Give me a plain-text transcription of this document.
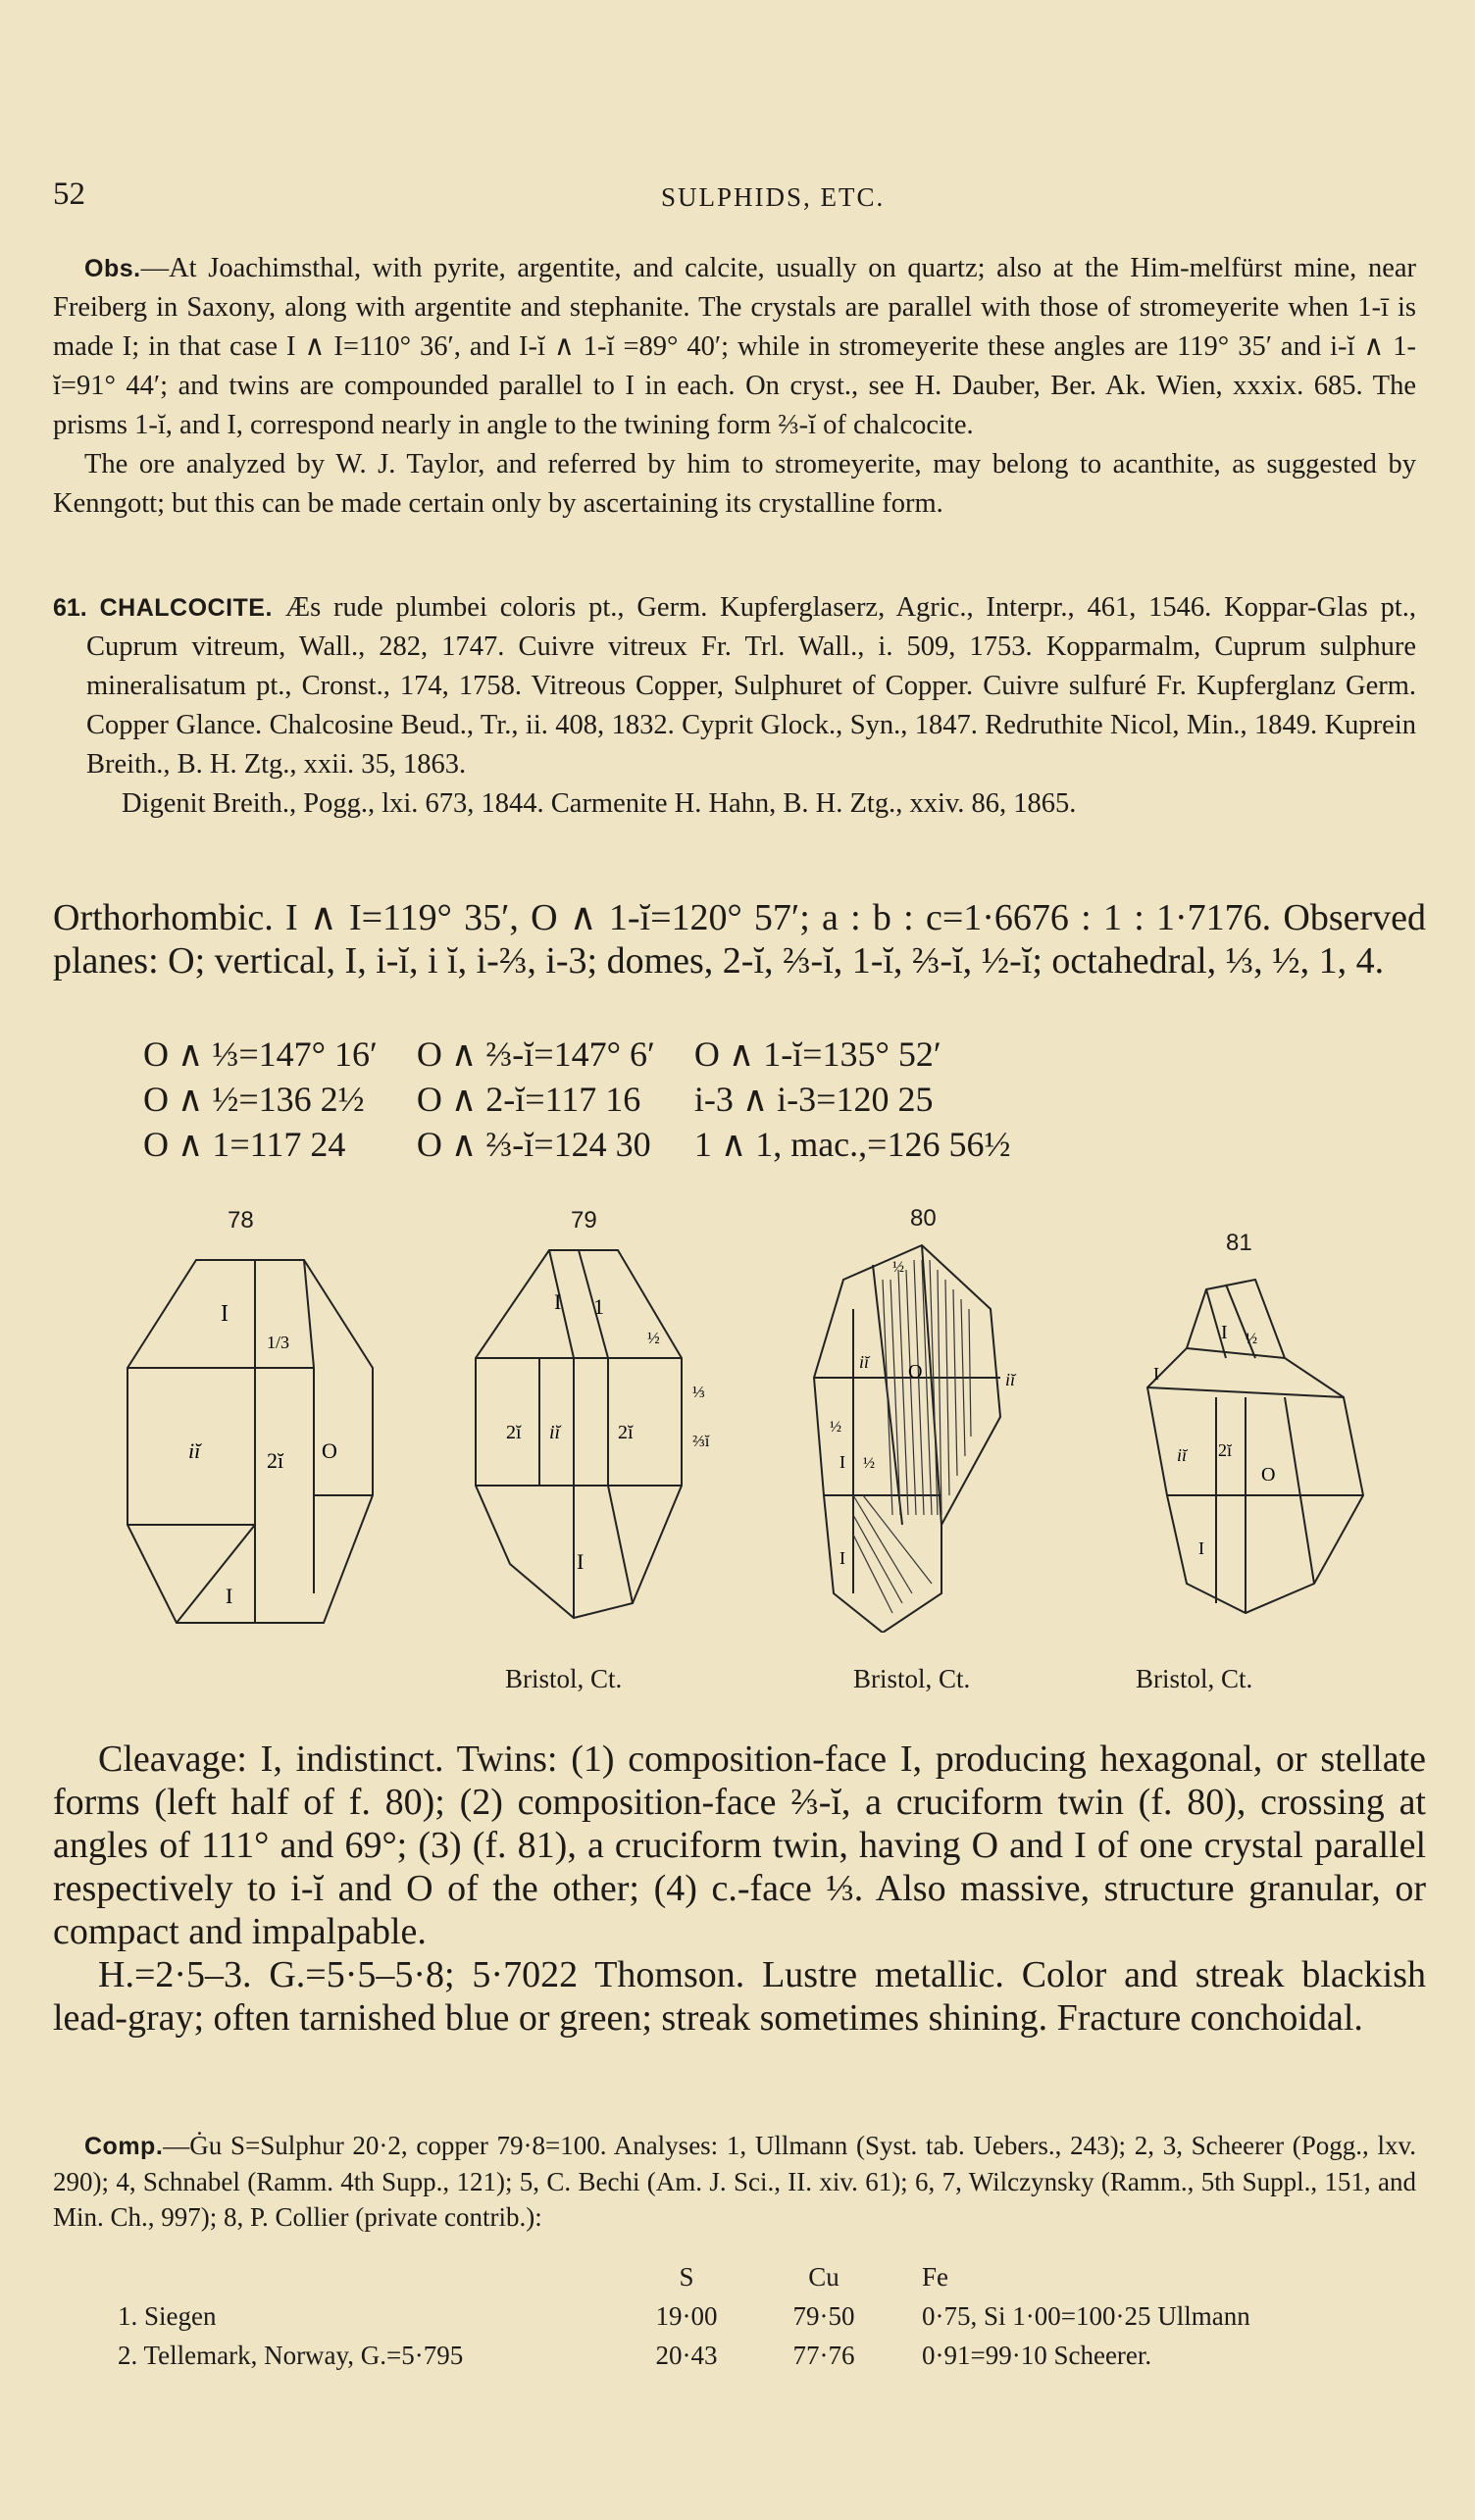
52	SULPHIDS, ETC.

Obs.—At Joachimsthal, with pyrite, argentite, and calcite, usually on quartz; also at the Him-melfürst mine, near Freiberg in Saxony, along with argentite and stephanite. The crystals are parallel with those of stromeyerite when 1-ī is made I; in that case I ∧ I=110° 36′, and I-ĭ ∧ 1-ĭ =89° 40′; while in stromeyerite these angles are 119° 35′ and i-ĭ ∧ 1-ĭ=91° 44′; and twins are compounded parallel to I in each. On cryst., see H. Dauber, Ber. Ak. Wien, xxxix. 685. The prisms 1-ĭ, and I, correspond nearly in angle to the twining form ⅔-ĭ of chalcocite.

The ore analyzed by W. J. Taylor, and referred by him to stromeyerite, may belong to acanthite, as suggested by Kenngott; but this can be made certain only by ascertaining its crystalline form.

61. CHALCOCITE. Æs rude plumbei coloris pt., Germ. Kupferglaserz, Agric., Interpr., 461, 1546. Koppar-Glas pt., Cuprum vitreum, Wall., 282, 1747. Cuivre vitreux Fr. Trl. Wall., i. 509, 1753. Kopparmalm, Cuprum sulphure mineralisatum pt., Cronst., 174, 1758. Vitreous Copper, Sulphuret of Copper. Cuivre sulfuré Fr. Kupferglanz Germ. Copper Glance. Chalcosine Beud., Tr., ii. 408, 1832. Cyprit Glock., Syn., 1847. Redruthite Nicol, Min., 1849. Kuprein Breith., B. H. Ztg., xxii. 35, 1863.

Digenit Breith., Pogg., lxi. 673, 1844. Carmenite H. Hahn, B. H. Ztg., xxiv. 86, 1865.

Orthorhombic. I ∧ I=119° 35′, O ∧ 1-ĭ=120° 57′; a : b : c=1·6676 : 1 : 1·7176. Observed planes: O; vertical, I, i-ĭ, i ĭ, i-⅔, i-3; domes, 2-ĭ, ⅔-ĭ, 1-ĭ, ⅔-ĭ, ½-ĭ; octahedral, ⅓, ½, 1, 4.
O ∧ ⅓=147° 16′	O ∧ ⅔-ĭ=147° 6′	O ∧ 1-ĭ=135° 52′
O ∧ ½=136 2½	O ∧ 2-ĭ=117 16	i-3 ∧ i-3=120 25
O ∧ 1=117 24	O ∧ ⅔-ĭ=124 30	1 ∧ 1, mac.,=126 56½
78
I
1/3
iĭ	2ĭ O
I
79
I 1
½
⅓
2ĭ iĭ	2ĭ	⅔ĭ
I
Bristol, Ct.
80
½
iĭ O
½
I ½
I
iĭ
Bristol, Ct.
81
I ½
I
iĭ 2ĭ
O
I
Bristol, Ct.

Cleavage: I, indistinct. Twins: (1) composition-face I, producing hexagonal, or stellate forms (left half of f. 80); (2) composition-face ⅔-ĭ, a cruciform twin (f. 80), crossing at angles of 111° and 69°; (3) (f. 81), a cruciform twin, having O and I of one crystal parallel respectively to i-ĭ and O of the other; (4) c.-face ⅓. Also massive, structure granular, or compact and impalpable.

H.=2·5–3. G.=5·5–5·8; 5·7022 Thomson. Lustre metallic. Color and streak blackish lead-gray; often tarnished blue or green; streak sometimes shining. Fracture conchoidal.

Comp.—Ġu S=Sulphur 20·2, copper 79·8=100. Analyses: 1, Ullmann (Syst. tab. Uebers., 243); 2, 3, Scheerer (Pogg., lxv. 290); 4, Schnabel (Ramm. 4th Supp., 121); 5, C. Bechi (Am. J. Sci., II. xiv. 61); 6, 7, Wilczynsky (Ramm., 5th Suppl., 151, and Min. Ch., 997); 8, P. Collier (private contrib.):

	S	Cu	Fe
1. Siegen	19·00	79·50	0·75, Si 1·00=100·25 Ullmann
2. Tellemark, Norway, G.=5·795	20·43	77·76	0·91=99·10 Scheerer.
